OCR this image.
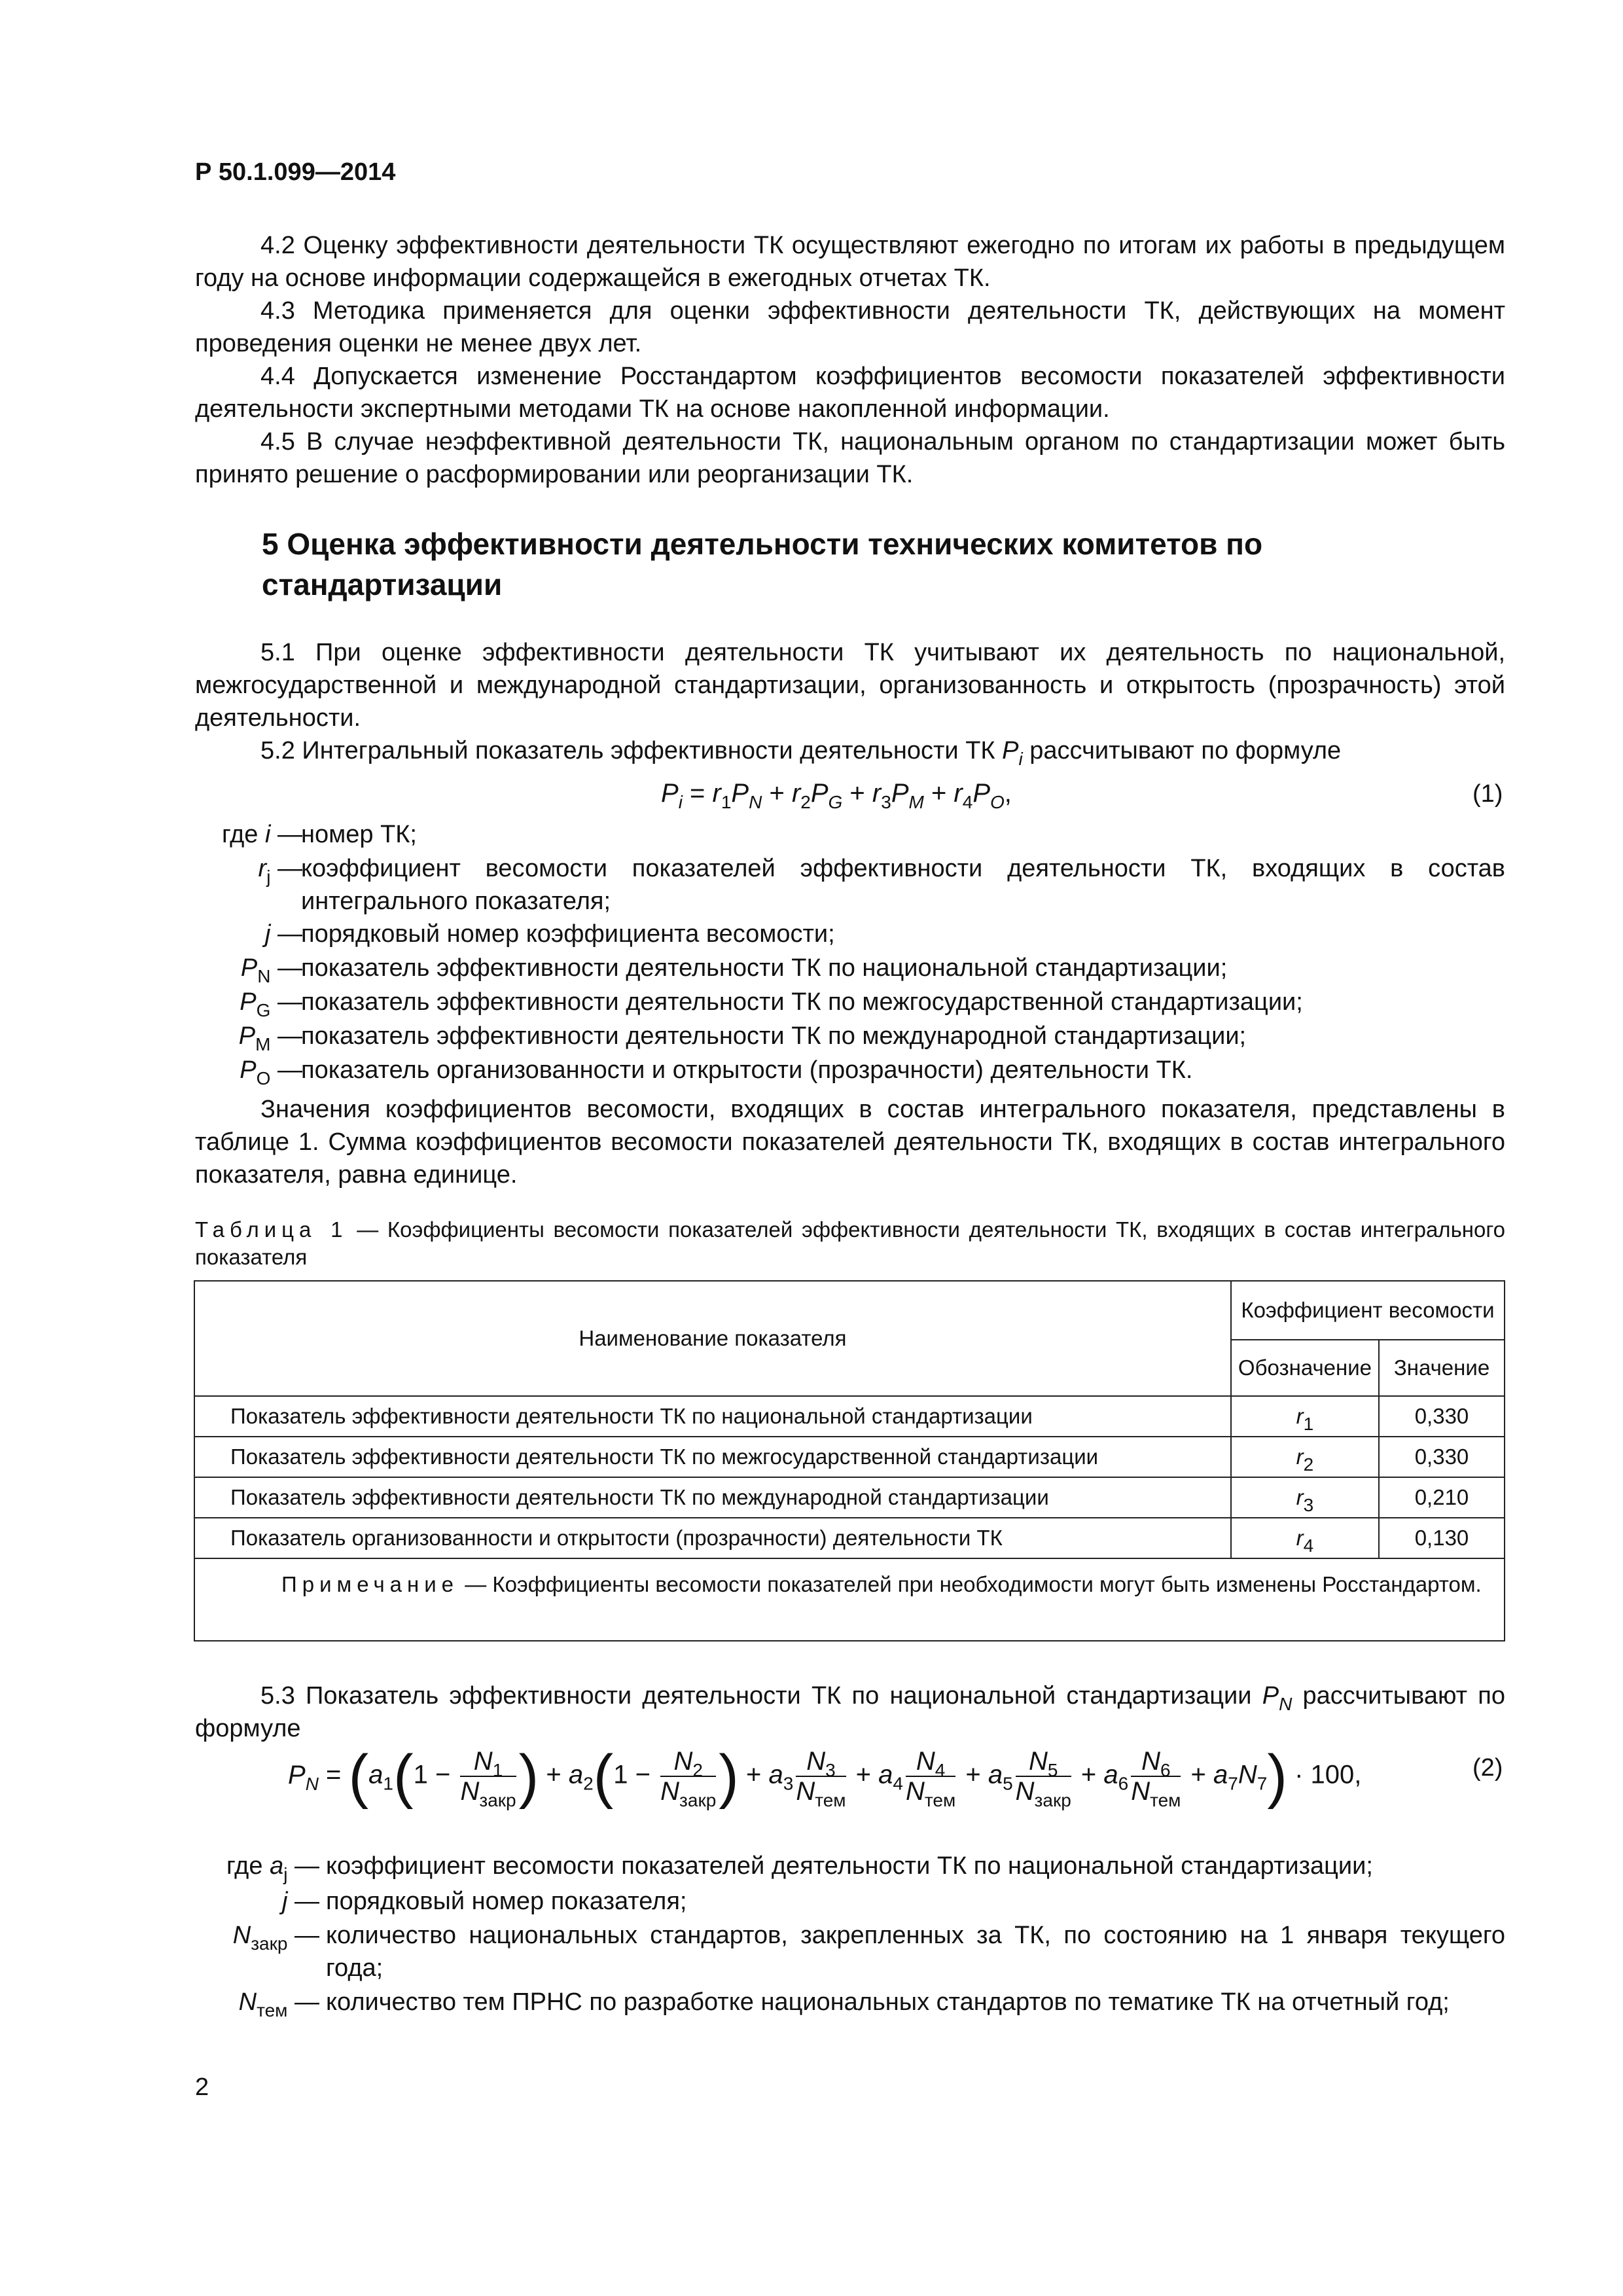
Р 50.1.099—2014
4.2 Оценку эффективности деятельности ТК осуществляют ежегодно по итогам их работы в предыдущем году на основе информации содержащейся в ежегодных отчетах ТК.
4.3 Методика применяется для оценки эффективности деятельности ТК, действующих на момент проведения оценки не менее двух лет.
4.4 Допускается изменение Росстандартом коэффициентов весомости показателей эффективности деятельности экспертными методами ТК на основе накопленной информации.
4.5 В случае неэффективной деятельности ТК, национальным органом по стандартизации может быть принято решение о расформировании или реорганизации ТК.
5 Оценка эффективности деятельности технических комитетов по стандартизации
5.1 При оценке эффективности деятельности ТК учитывают их деятельность по национальной, межгосударственной и международной стандартизации, организованность и открытость (прозрачность) этой деятельности.
5.2 Интегральный показатель эффективности деятельности ТК $P_i$ рассчитывают по формуле
$P_i = r_1P_N + r_2P_G + r_3P_M + r_4P_O$,	(1)
где i —
номер ТК;
$r_j$ —
коэффициент весомости показателей эффективности деятельности ТК, входящих в состав интегрального показателя;
j —
порядковый номер коэффициента весомости;
$P_N$ —
показатель эффективности деятельности ТК по национальной стандартизации;
$P_G$ —
показатель эффективности деятельности ТК по межгосударственной стандартизации;
$P_M$ —
показатель эффективности деятельности ТК по международной стандартизации;
$P_O$ —
показатель организованности и открытости (прозрачности) деятельности ТК.
Значения коэффициентов весомости, входящих в состав интегрального показателя, представлены в таблице 1. Сумма коэффициентов весомости показателей деятельности ТК, входящих в состав интегрального показателя, равна единице.
Таблица 1 — Коэффициенты весомости показателей эффективности деятельности ТК, входящих в состав интегрального показателя
Наименование показателя	Коэффициент весомости	
	Обозначение	Значение
Показатель эффективности деятельности ТК по национальной стандартизации	$r_1$	0,330
Показатель эффективности деятельности ТК по межгосударственной стандартизации	$r_2$	0,330
Показатель эффективности деятельности ТК по международной стандартизации	$r_3$	0,210
Показатель организованности и открытости (прозрачности) деятельности ТК	$r_4$	0,130

Примечание — Коэффициенты весомости показателей при необходимости могут быть изменены Росстандартом.
5.3 Показатель эффективности деятельности ТК по национальной стандартизации $P_N$ рассчитывают по формуле
$P_N = (a_1(1 - \frac{N_1}{N_{закр}}$ ) + $a_2(1 - \frac{N_2}{N_{закр}}$ ) + $a_3 \frac{N_3}{N_{тем}} + a_4 \frac{N_4}{N_{тем}} + a_5 \frac{N_5}{N_{закр}} + a_6 \frac{N_6}{N_{тем}} + a_7N_7) \cdot 100$,	(2)
где $a_j$ — коэффициент весомости показателей деятельности ТК по национальной стандартизации;
j — порядковый номер показателя;
$N_{закр}$ — количество национальных стандартов, закрепленных за ТК, по состоянию на 1 января текущего года;
$N_{тем}$ — количество тем ПРНС по разработке национальных стандартов по тематике ТК на отчетный год;
2
